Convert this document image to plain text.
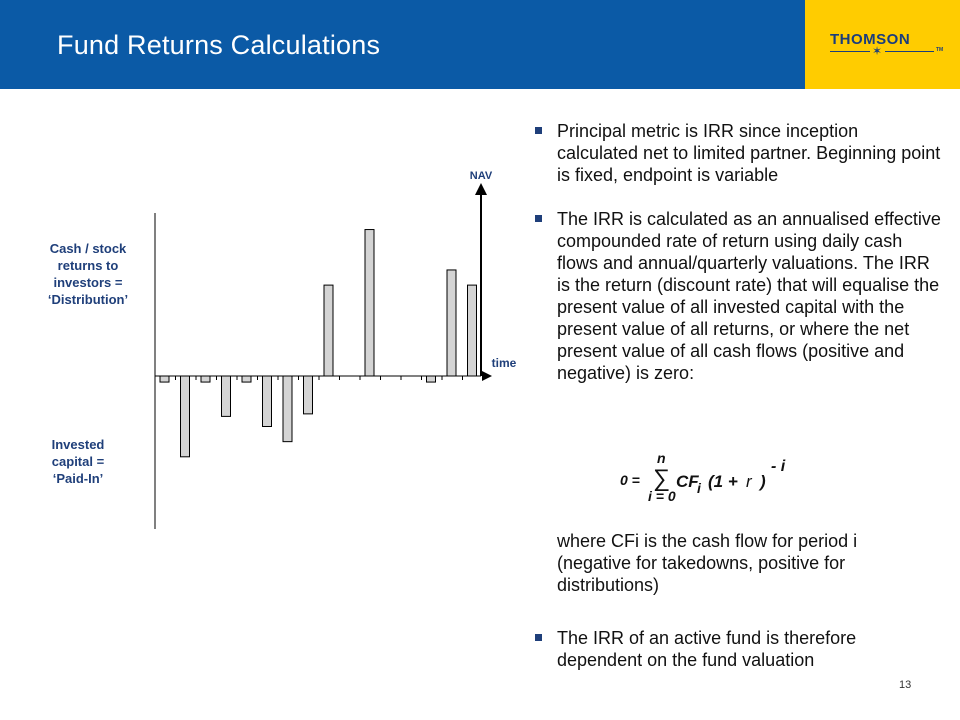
Fund Returns Calculations	THOMSON
✶	TM
NAV
time
Cash / stock returns to investors = ‘Distribution’
Invested capital = ‘Paid-In’
Principal metric is IRR since inception calculated net to limited partner. Beginning point is fixed, endpoint is variable
The IRR is calculated as an annualised effective compounded rate of return using daily cash flows and annual/quarterly valuations. The IRR is the return (discount rate) that will equalise the present value of all invested capital with the present value of all returns, or where the net present value of all cash flows (positive and negative) is zero:
0 = ∑
n
i = 0
CF
i (1 + r )
- i
where CFi is the cash flow for period i (negative for takedowns, positive for distributions)
The IRR of an active fund is therefore dependent on the fund valuation
13
